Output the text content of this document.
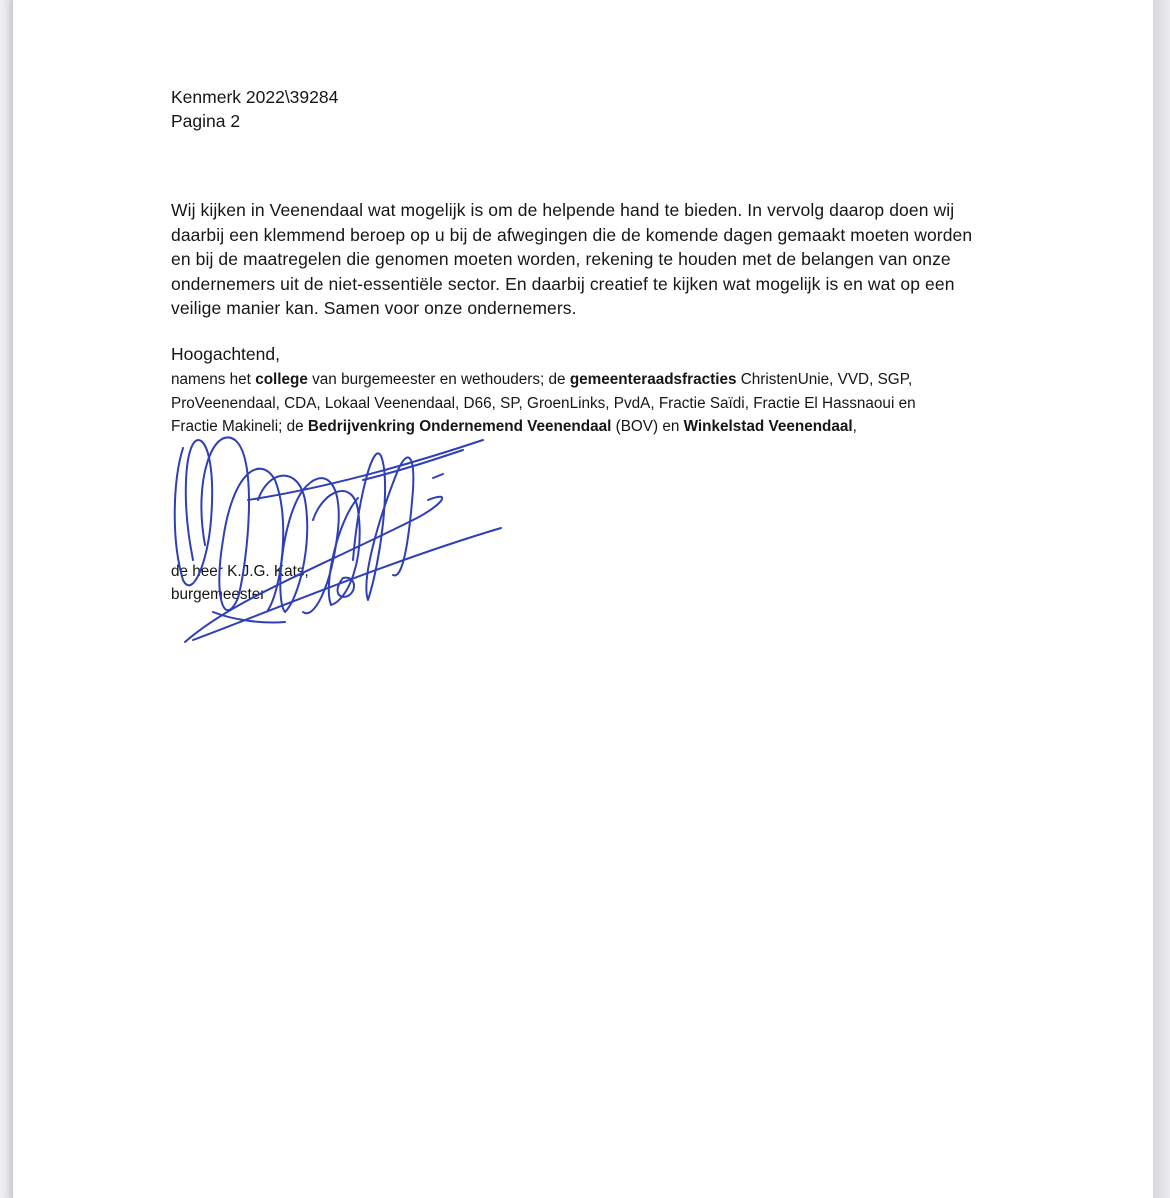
Kenmerk 2022\39284
Pagina 2
Wij kijken in Veenendaal wat mogelijk is om de helpende hand te bieden. In vervolg daarop doen wij
daarbij een klemmend beroep op u bij de afwegingen die de komende dagen gemaakt moeten worden
en bij de maatregelen die genomen moeten worden, rekening te houden met de belangen van onze
ondernemers uit de niet-essentiële sector. En daarbij creatief te kijken wat mogelijk is en wat op een
veilige manier kan. Samen voor onze ondernemers.
Hoogachtend,
namens het college van burgemeester en wethouders; de gemeenteraadsfracties ChristenUnie, VVD, SGP,
ProVeenendaal, CDA, Lokaal Veenendaal, D66, SP, GroenLinks, PvdA, Fractie Saïdi, Fractie El Hassnaoui en
Fractie Makineli; de Bedrijvenkring Ondernemend Veenendaal (BOV) en Winkelstad Veenendaal,
de heer K.J.G. Kats,
burgemeester
